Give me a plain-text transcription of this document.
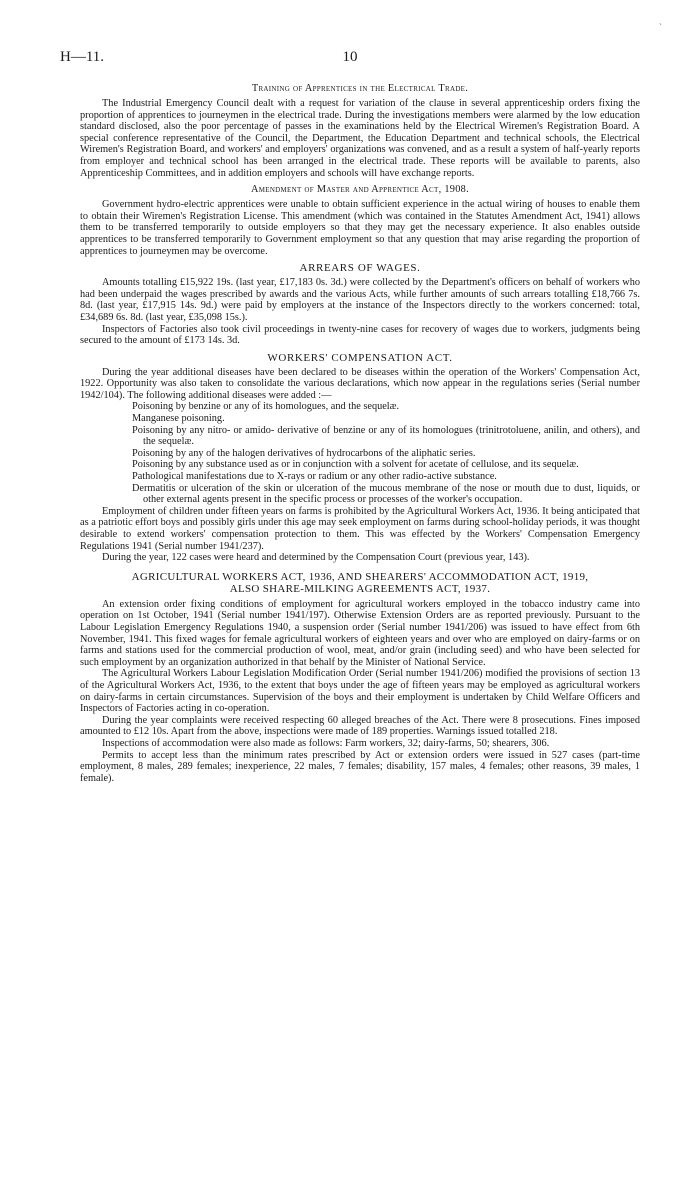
H—11.	10
`
Training of Apprentices in the Electrical Trade.

The Industrial Emergency Council dealt with a request for variation of the clause in several apprenticeship orders fixing the proportion of apprentices to journeymen in the electrical trade. During the investigations members were alarmed by the low education standard disclosed, also the poor percentage of passes in the examinations held by the Electrical Wiremen's Registration Board. A special conference representative of the Council, the Department, the Education Department and technical schools, the Electrical Wiremen's Registration Board, and workers' and employers' organizations was convened, and as a result a system of half-yearly reports from employer and technical school has been arranged in the electrical trade. These reports will be available to parents, also Apprenticeship Committees, and in addition employers and schools will have exchange reports.

Amendment of Master and Apprentice Act, 1908.

Government hydro-electric apprentices were unable to obtain sufficient experience in the actual wiring of houses to enable them to obtain their Wiremen's Registration License. This amendment (which was contained in the Statutes Amendment Act, 1941) allows them to be transferred temporarily to outside employers so that they may get the necessary experience. It also enables outside apprentices to be transferred temporarily to Government employment so that any question that may arise regarding the proportion of apprentices to journeymen may be overcome.

ARREARS OF WAGES.

Amounts totalling £15,922 19s. (last year, £17,183 0s. 3d.) were collected by the Department's officers on behalf of workers who had been underpaid the wages prescribed by awards and the various Acts, while further amounts of such arrears totalling £18,766 7s. 8d. (last year, £17,915 14s. 9d.) were paid by employers at the instance of the Inspectors directly to the workers concerned: total, £34,689 6s. 8d. (last year, £35,098 15s.).

Inspectors of Factories also took civil proceedings in twenty-nine cases for recovery of wages due to workers, judgments being secured to the amount of £173 14s. 3d.

WORKERS' COMPENSATION ACT.

During the year additional diseases have been declared to be diseases within the operation of the Workers' Compensation Act, 1922. Opportunity was also taken to consolidate the various declarations, which now appear in the regulations series (Serial number 1942/104). The following additional diseases were added :—

Poisoning by benzine or any of its homologues, and the sequelæ.
Manganese poisoning.
Poisoning by any nitro- or amido- derivative of benzine or any of its homologues (trinitrotoluene, anilin, and others), and the sequelæ.
Poisoning by any of the halogen derivatives of hydrocarbons of the aliphatic series.
Poisoning by any substance used as or in conjunction with a solvent for acetate of cellulose, and its sequelæ.
Pathological manifestations due to X-rays or radium or any other radio-active substance.
Dermatitis or ulceration of the skin or ulceration of the mucous membrane of the nose or mouth due to dust, liquids, or other external agents present in the specific process or processes of the worker's occupation.

Employment of children under fifteen years on farms is prohibited by the Agricultural Workers Act, 1936. It being anticipated that as a patriotic effort boys and possibly girls under this age may seek employment on farms during school-holiday periods, it was thought desirable to extend workers' compensation protection to them. This was effected by the Workers' Compensation Emergency Regulations 1941 (Serial number 1941/237).

During the year, 122 cases were heard and determined by the Compensation Court (previous year, 143).

AGRICULTURAL WORKERS ACT, 1936, AND SHEARERS' ACCOMMODATION ACT, 1919,
ALSO SHARE-MILKING AGREEMENTS ACT, 1937.

An extension order fixing conditions of employment for agricultural workers employed in the tobacco industry came into operation on 1st October, 1941 (Serial number 1941/197). Otherwise Extension Orders are as reported previously. Pursuant to the Labour Legislation Emergency Regulations 1940, a suspension order (Serial number 1941/206) was issued to have effect from 6th November, 1941. This fixed wages for female agricultural workers of eighteen years and over who are employed on dairy-farms or on farms and stations used for the commercial production of wool, meat, and/or grain (including seed) and who have been selected for such employment by an organization authorized in that behalf by the Minister of National Service.

The Agricultural Workers Labour Legislation Modification Order (Serial number 1941/206) modified the provisions of section 13 of the Agricultural Workers Act, 1936, to the extent that boys under the age of fifteen years may be employed as agricultural workers on dairy-farms in certain circumstances. Supervision of the boys and their employment is undertaken by Child Welfare Officers and Inspectors of Factories acting in co-operation.

During the year complaints were received respecting 60 alleged breaches of the Act. There were 8 prosecutions. Fines imposed amounted to £12 10s. Apart from the above, inspections were made of 189 properties. Warnings issued totalled 218.

Inspections of accommodation were also made as follows: Farm workers, 32; dairy-farms, 50; shearers, 306.

Permits to accept less than the minimum rates prescribed by Act or extension orders were issued in 527 cases (part-time employment, 8 males, 289 females; inexperience, 22 males, 7 females; disability, 157 males, 4 females; other reasons, 39 males, 1 female).
